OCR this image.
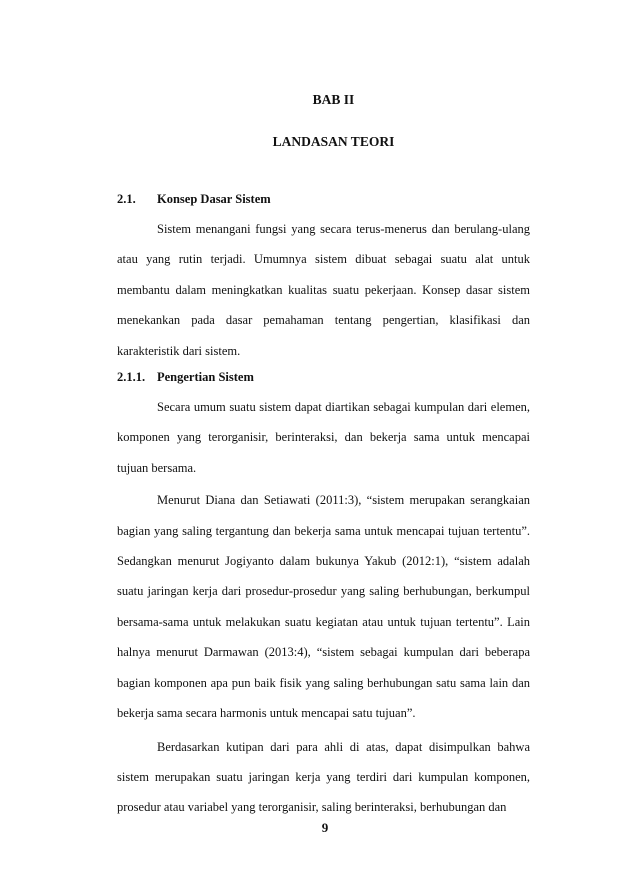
BAB II
LANDASAN TEORI
2.1. Konsep Dasar Sistem

Sistem menangani fungsi yang secara terus-menerus dan berulang-ulang atau yang rutin terjadi. Umumnya sistem dibuat sebagai suatu alat untuk membantu dalam meningkatkan kualitas suatu pekerjaan. Konsep dasar sistem menekankan pada dasar pemahaman tentang pengertian, klasifikasi dan karakteristik dari sistem.

2.1.1. Pengertian Sistem

Secara umum suatu sistem dapat diartikan sebagai kumpulan dari elemen, komponen yang terorganisir, berinteraksi, dan bekerja sama untuk mencapai tujuan bersama.

Menurut Diana dan Setiawati (2011:3), “sistem merupakan serangkaian bagian yang saling tergantung dan bekerja sama untuk mencapai tujuan tertentu”. Sedangkan menurut Jogiyanto dalam bukunya Yakub (2012:1), “sistem adalah suatu jaringan kerja dari prosedur-prosedur yang saling berhubungan, berkumpul bersama-sama untuk melakukan suatu kegiatan atau untuk tujuan tertentu”. Lain halnya menurut Darmawan (2013:4), “sistem sebagai kumpulan dari beberapa bagian komponen apa pun baik fisik yang saling berhubungan satu sama lain dan bekerja sama secara harmonis untuk mencapai satu tujuan”.

Berdasarkan kutipan dari para ahli di atas, dapat disimpulkan bahwa sistem merupakan suatu jaringan kerja yang terdiri dari kumpulan komponen, prosedur atau variabel yang terorganisir, saling berinteraksi, berhubungan dan

9
